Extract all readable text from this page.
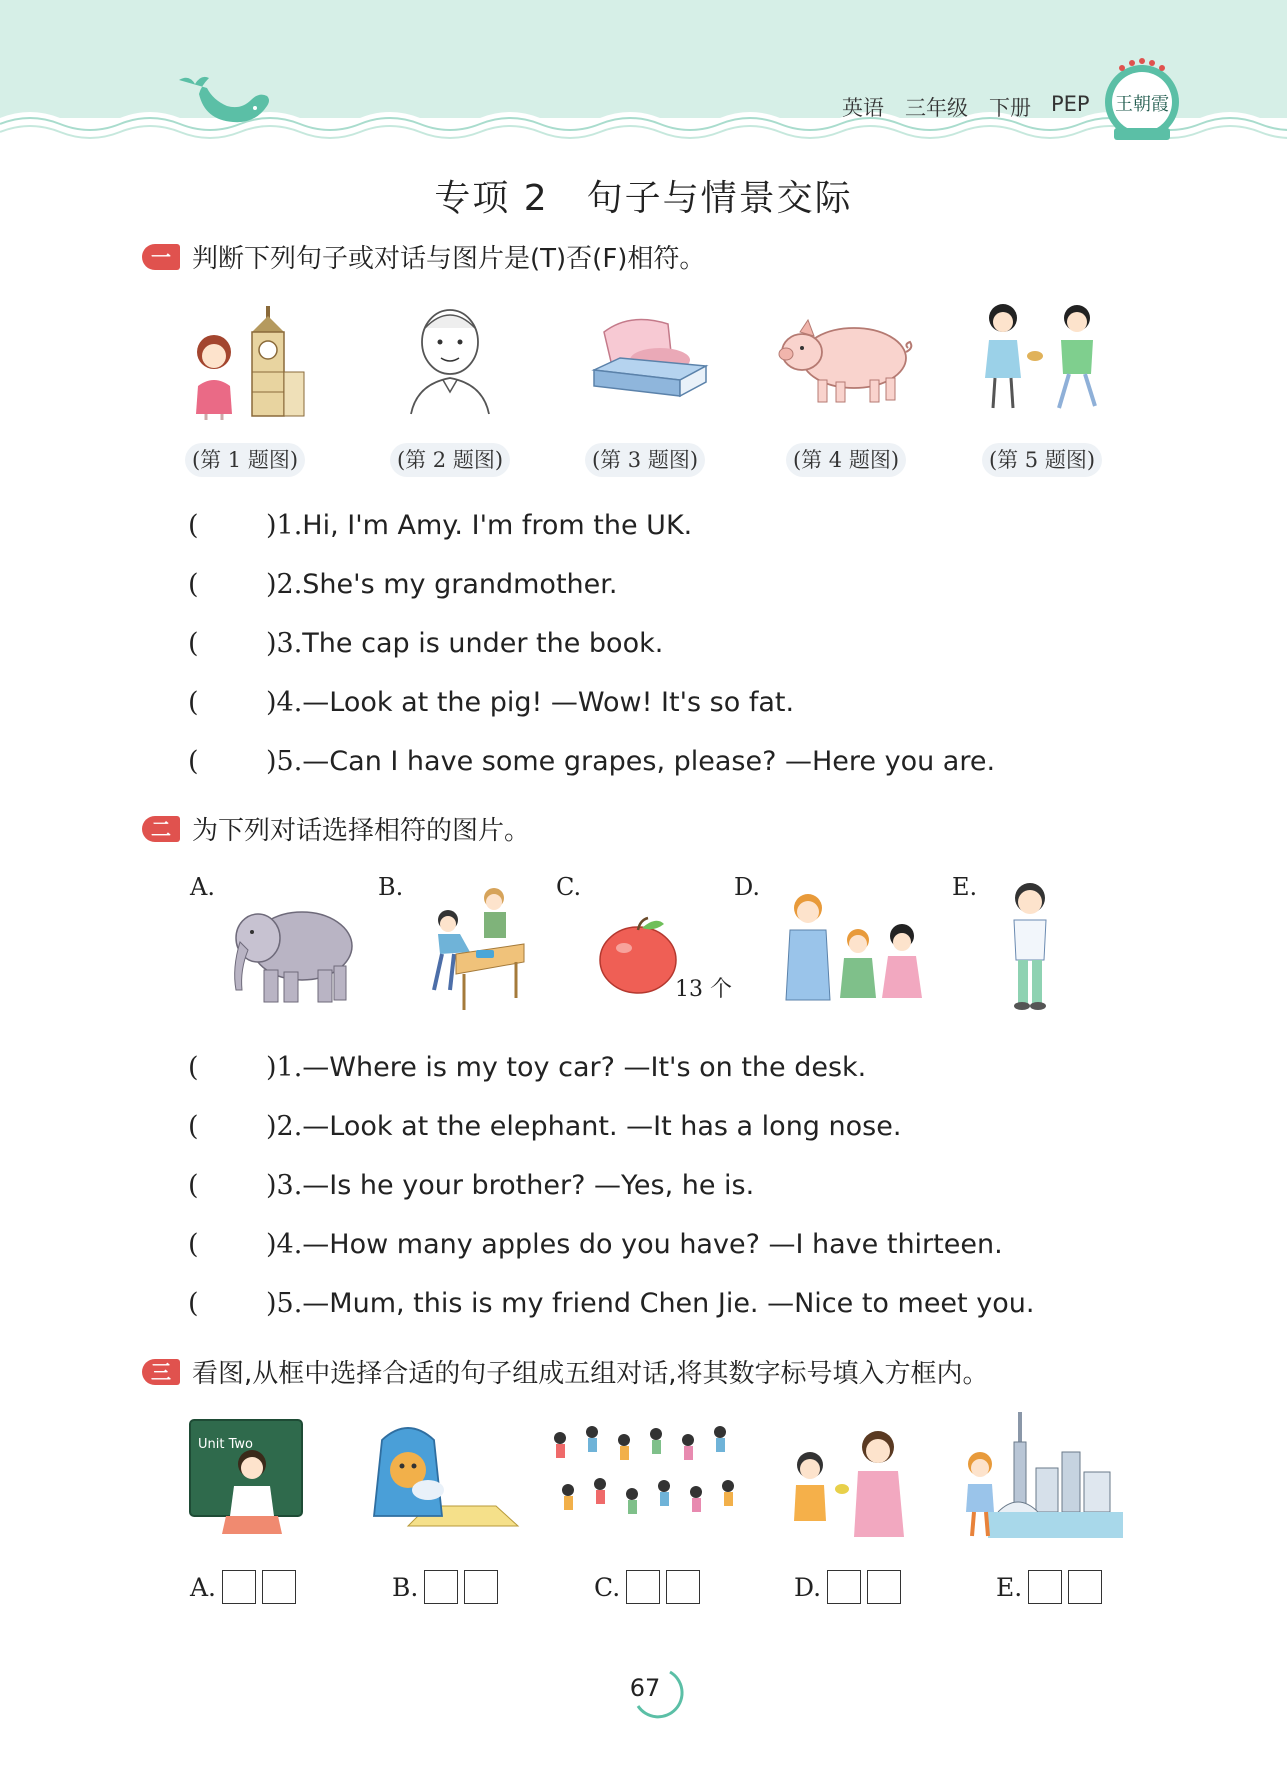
英语 三年级 下册 PEP 王朝霞
专项 2　句子与情景交际
一 判断下列句子或对话与图片是(T)否(F)相符。
(第 1 题图)	(第 2 题图)	(第 3 题图)	(第 4 题图)	(第 5 题图)
(　　)1.Hi, I'm Amy. I'm from the UK.
(　　)2.She's my grandmother.
(　　)3.The cap is under the book.
(　　)4.—Look at the pig! —Wow! It's so fat.
(　　)5.—Can I have some grapes, please? —Here you are.
二 为下列对话选择相符的图片。
A.	B.	C.	D.	E.
13 个
(　　)1.—Where is my toy car? —It's on the desk.
(　　)2.—Look at the elephant. —It has a long nose.
(　　)3.—Is he your brother? —Yes, he is.
(　　)4.—How many apples do you have? —I have thirteen.
(　　)5.—Mum, this is my friend Chen Jie. —Nice to meet you.
三 看图,从框中选择合适的句子组成五组对话,将其数字标号填入方框内。
Unit Two
A.	B.	C.	D.	E.
67
